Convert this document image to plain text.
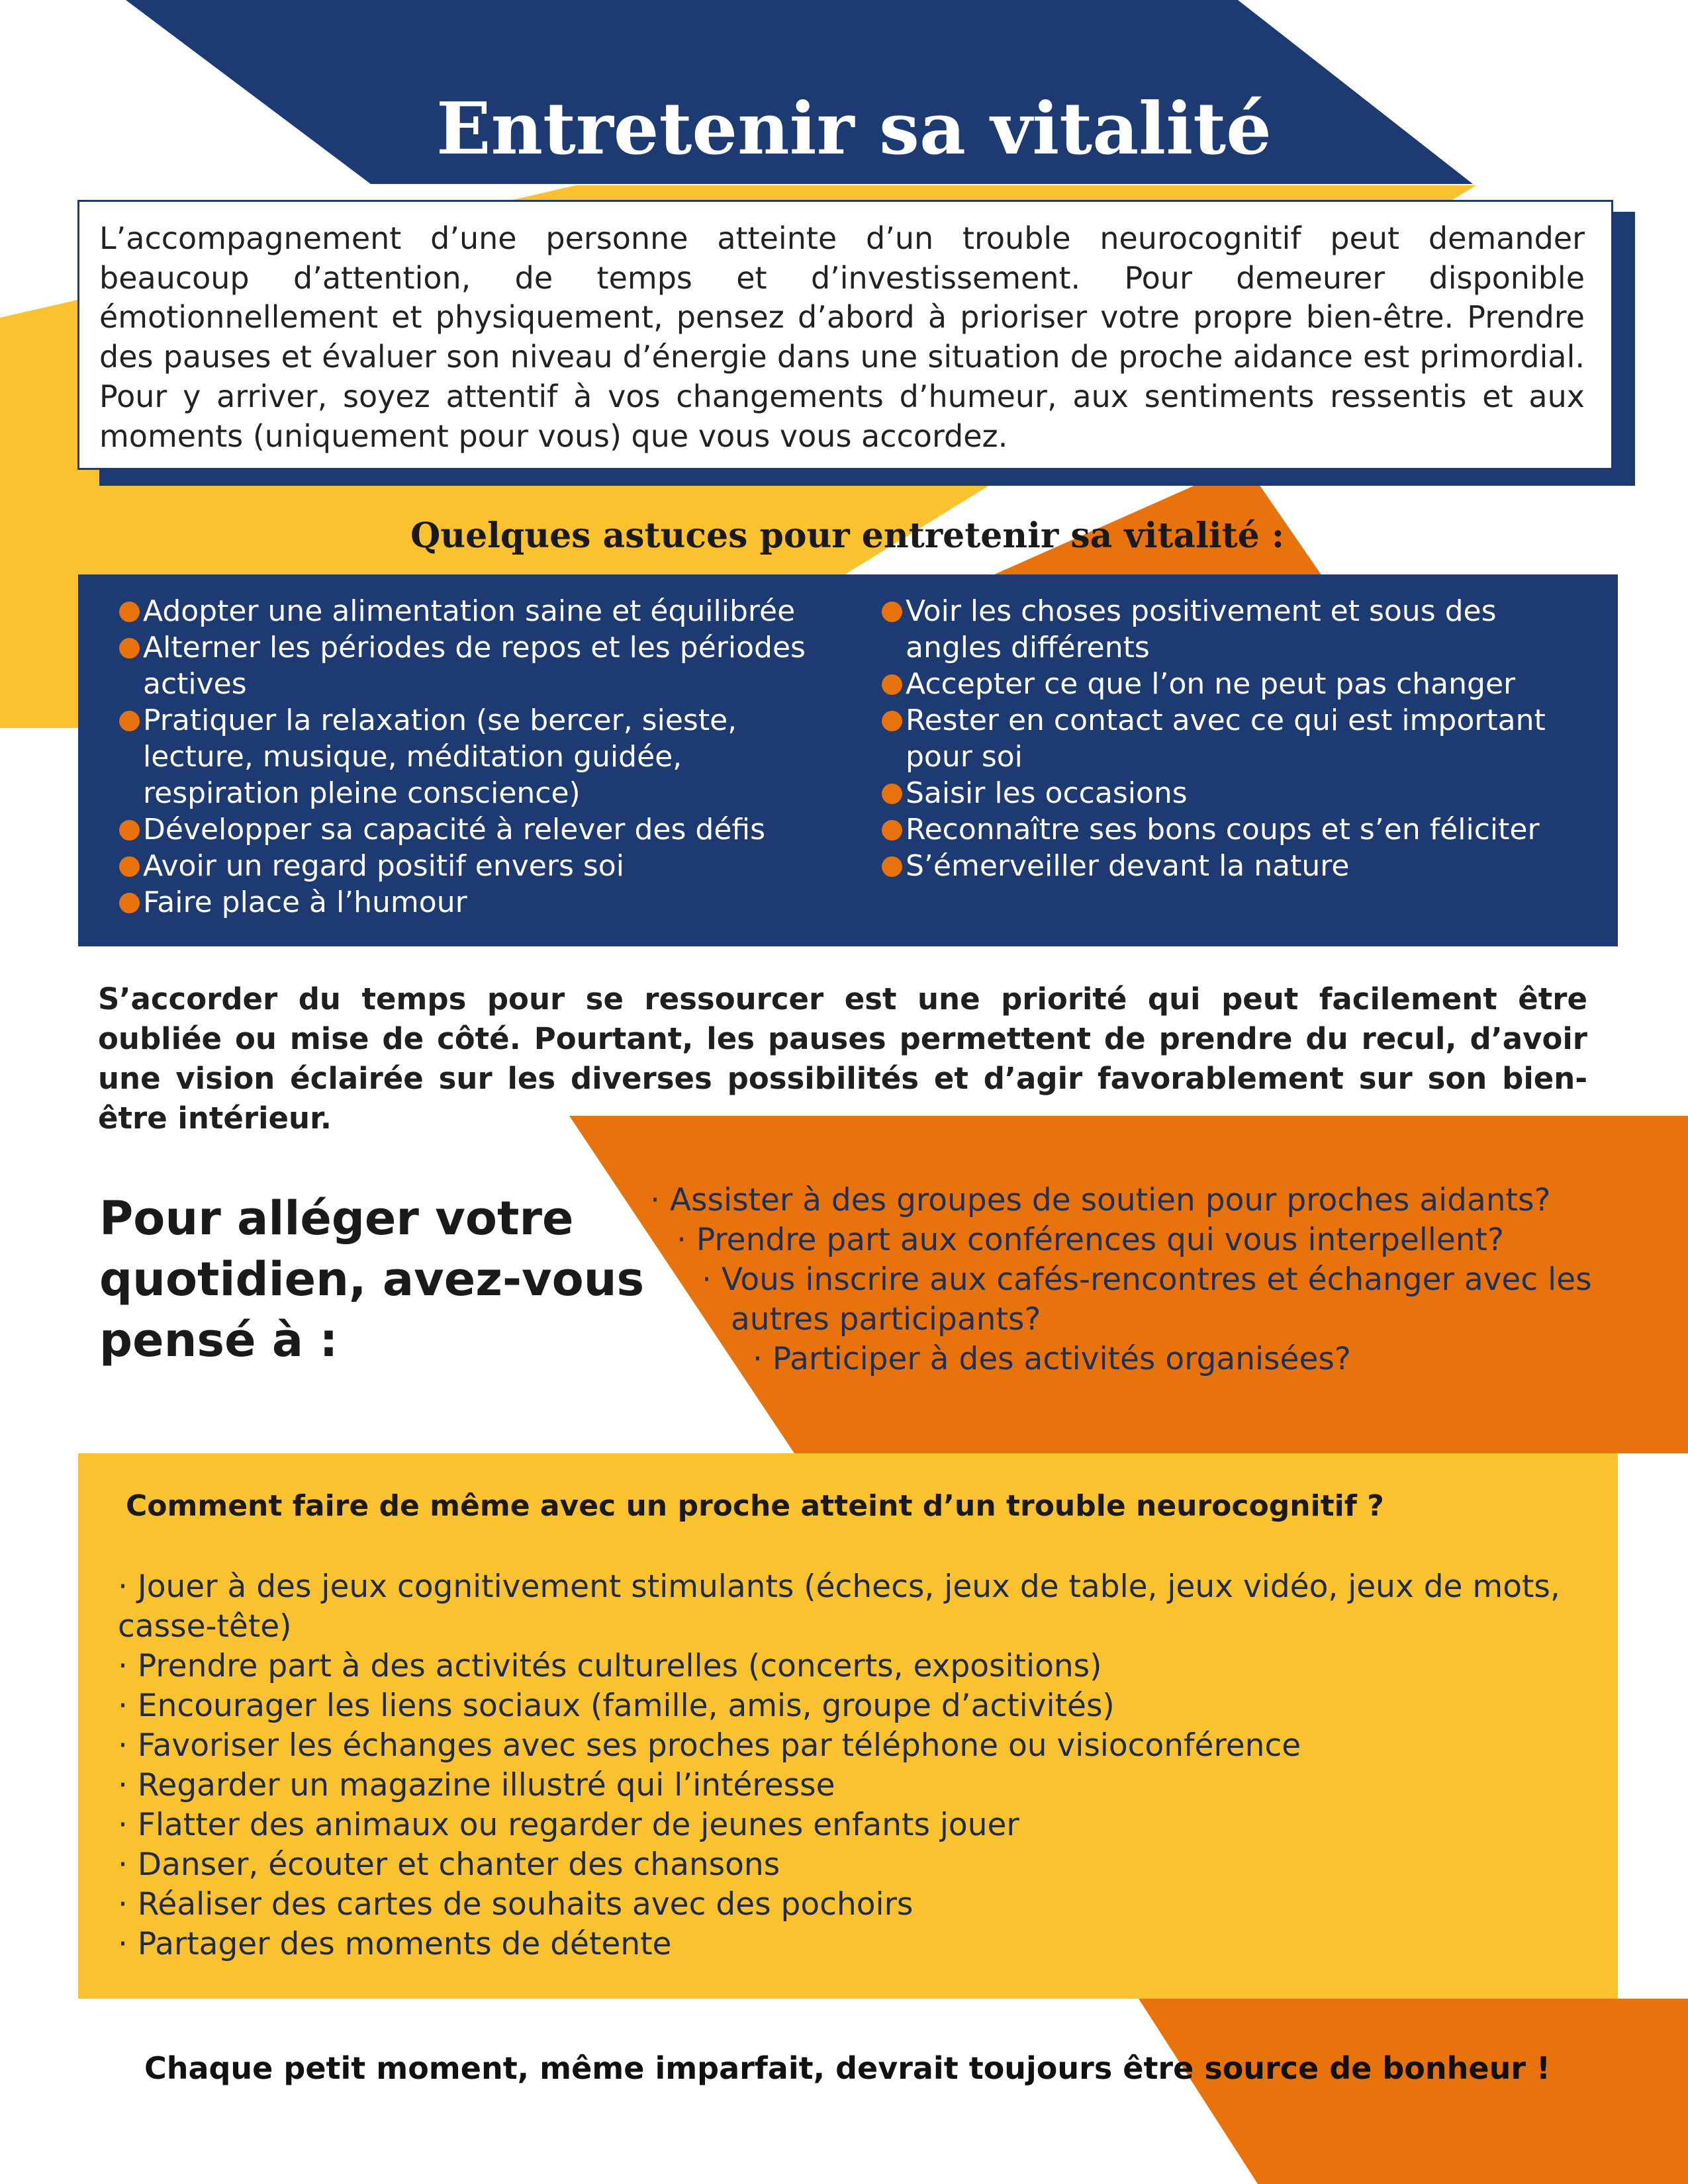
Entretenir sa vitalité
L’accompagnement d’une personne atteinte d’un trouble neurocognitif peut demander beaucoup d’attention, de temps et d’investissement. Pour demeurer disponible émotionnellement et physiquement, pensez d’abord à prioriser votre propre bien-être. Prendre des pauses et évaluer son niveau d’énergie dans une situation de proche aidance est primordial. Pour y arriver, soyez attentif à vos changements d’humeur, aux sentiments ressentis et aux moments (uniquement pour vous) que vous vous accordez.
Quelques astuces pour entretenir sa vitalité :
Adopter une alimentation saine et équilibrée
Alterner les périodes de repos et les périodes actives
Pratiquer la relaxation (se bercer, sieste, lecture, musique, méditation guidée, respiration pleine conscience)
Développer sa capacité à relever des défis
Avoir un regard positif envers soi
Faire place à l’humour
Voir les choses positivement et sous des angles différents
Accepter ce que l’on ne peut pas changer
Rester en contact avec ce qui est important pour soi
Saisir les occasions
Reconnaître ses bons coups et s’en féliciter
S’émerveiller devant la nature
S’accorder du temps pour se ressourcer est une priorité qui peut facilement être oubliée ou mise de côté. Pourtant, les pauses permettent de prendre du recul, d’avoir une vision éclairée sur les diverses possibilités et d’agir favorablement sur son bien-être intérieur.
Pour alléger votre quotidien, avez-vous pensé à :
· Assister à des groupes de soutien pour proches aidants?
· Prendre part aux conférences qui vous interpellent?
· Vous inscrire aux cafés-rencontres et échanger avec les autres participants?
· Participer à des activités organisées?
Comment faire de même avec un proche atteint d’un trouble neurocognitif ?
· Jouer à des jeux cognitivement stimulants (échecs, jeux de table, jeux vidéo, jeux de mots, casse-tête)
· Prendre part à des activités culturelles (concerts, expositions)
· Encourager les liens sociaux (famille, amis, groupe d’activités)
· Favoriser les échanges avec ses proches par téléphone ou visioconférence
· Regarder un magazine illustré qui l’intéresse
· Flatter des animaux ou regarder de jeunes enfants jouer
· Danser, écouter et chanter des chansons
· Réaliser des cartes de souhaits avec des pochoirs
· Partager des moments de détente
Chaque petit moment, même imparfait, devrait toujours être source de bonheur !
